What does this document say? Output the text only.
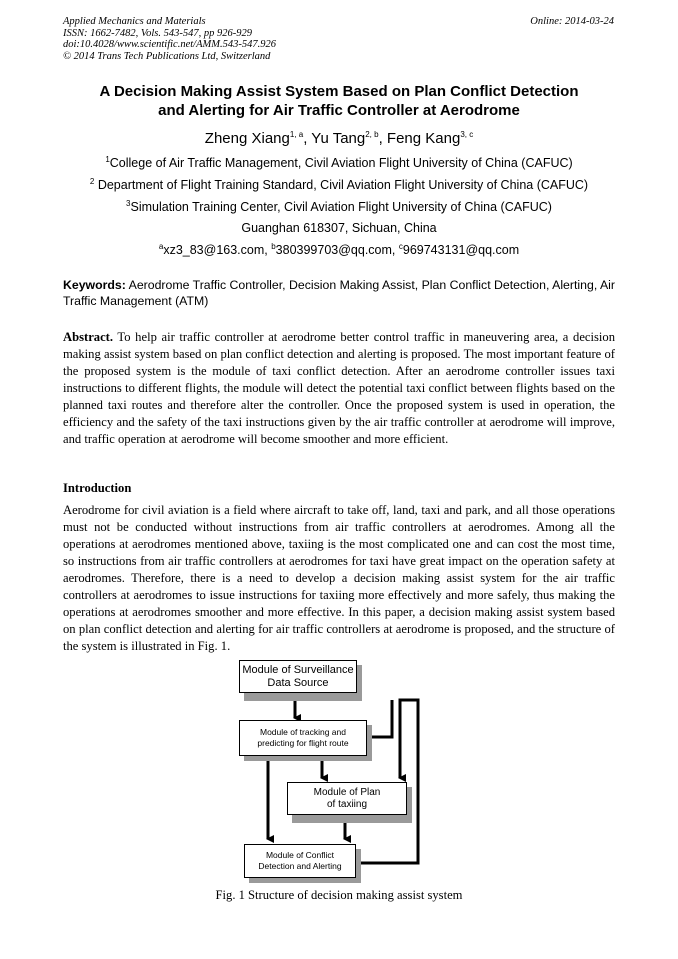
Applied Mechanics and Materials
ISSN: 1662-7482, Vols. 543-547, pp 926-929
doi:10.4028/www.scientific.net/AMM.543-547.926
© 2014 Trans Tech Publications Ltd, Switzerland
Online: 2014-03-24
A Decision Making Assist System Based on Plan Conflict Detection
and Alerting for Air Traffic Controller at Aerodrome
Zheng Xiang$^{1, a}$, Yu Tang$^{2, b}$, Feng Kang$^{3, c}$
$^1$College of Air Traffic Management, Civil Aviation Flight University of China (CAFUC)
$^2$ Department of Flight Training Standard, Civil Aviation Flight University of China (CAFUC)
$^3$Simulation Training Center, Civil Aviation Flight University of China (CAFUC)
Guanghan 618307, Sichuan, China
$^a$xz3_83@163.com, $^b$380399703@qq.com, $^c$969743131@qq.com
Keywords: Aerodrome Traffic Controller, Decision Making Assist, Plan Conflict Detection, Alerting, Air Traffic Management (ATM)
Abstract. To help air traffic controller at aerodrome better control traffic in maneuvering area, a decision making assist system based on plan conflict detection and alerting is proposed. The most important feature of the proposed system is the module of taxi conflict detection. After an aerodrome controller issues taxi instructions to different flights, the module will detect the potential taxi conflict between flights based on the planned taxi routes and therefore alter the controller. Once the proposed system is used in operation, the efficiency and the safety of the taxi instructions given by the air traffic controller at aerodrome will improve, and traffic operation at aerodrome will become smoother and more efficient.
Introduction
Aerodrome for civil aviation is a field where aircraft to take off, land, taxi and park, and all those operations must not be conducted without instructions from air traffic controllers at aerodromes. Among all the operations at aerodromes mentioned above, taxiing is the most complicated one and can cost the most time, so instructions from air traffic controllers at aerodromes for taxi have great impact on the operation safety at aerodromes. Therefore, there is a need to develop a decision making assist system for the air traffic controllers at aerodromes to issue instructions for taxiing more effectively and more safely, thus making the operations at aerodromes smoother and more effective. In this paper, a decision making assist system based on plan conflict detection and alerting for air traffic controllers at aerodrome is proposed, and the structure of the system is illustrated in Fig. 1.
Module of Surveillance
Data Source
Module of tracking and
predicting for flight route
Module of Plan
of taxiing
Module of Conflict
Detection and Alerting
Fig. 1 Structure of decision making assist system
